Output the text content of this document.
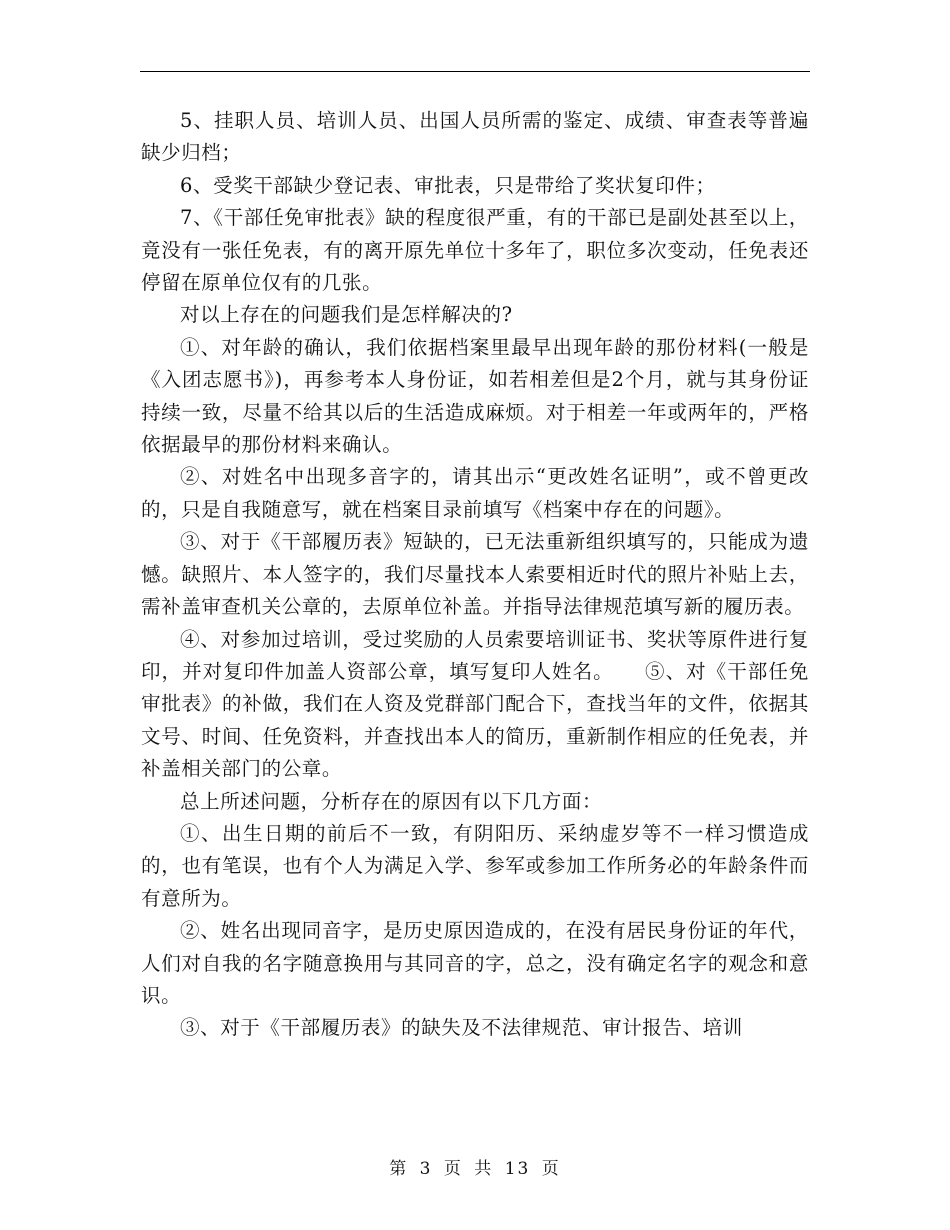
5、挂职人员、培训人员、出国人员所需的鉴定、成绩、审查表等普遍缺少归档；

6、受奖干部缺少登记表、审批表，只是带给了奖状复印件；

7、《干部任免审批表》缺的程度很严重，有的干部已是副处甚至以上，竟没有一张任免表，有的离开原先单位十多年了，职位多次变动，任免表还停留在原单位仅有的几张。

对以上存在的问题我们是怎样解决的?

①、对年龄的确认，我们依据档案里最早出现年龄的那份材料(一般是《入团志愿书》)，再参考本人身份证，如若相差但是2个月，就与其身份证持续一致，尽量不给其以后的生活造成麻烦。对于相差一年或两年的，严格依据最早的那份材料来确认。

②、对姓名中出现多音字的，请其出示“更改姓名证明”，或不曾更改的，只是自我随意写，就在档案目录前填写《档案中存在的问题》。

③、对于《干部履历表》短缺的，已无法重新组织填写的，只能成为遗憾。缺照片、本人签字的，我们尽量找本人索要相近时代的照片补贴上去，需补盖审查机关公章的，去原单位补盖。并指导法律规范填写新的履历表。

④、对参加过培训，受过奖励的人员索要培训证书、奖状等原件进行复印，并对复印件加盖人资部公章，填写复印人姓名。　　⑤、对《干部任免审批表》的补做，我们在人资及党群部门配合下，查找当年的文件，依据其文号、时间、任免资料，并查找出本人的简历，重新制作相应的任免表，并补盖相关部门的公章。

总上所述问题，分析存在的原因有以下几方面：

①、出生日期的前后不一致，有阴阳历、采纳虚岁等不一样习惯造成的，也有笔误，也有个人为满足入学、参军或参加工作所务必的年龄条件而有意所为。

②、姓名出现同音字，是历史原因造成的，在没有居民身份证的年代，人们对自我的名字随意换用与其同音的字，总之，没有确定名字的观念和意识。

③、对于《干部履历表》的缺失及不法律规范、审计报告、培训

第 3 页 共 13 页
